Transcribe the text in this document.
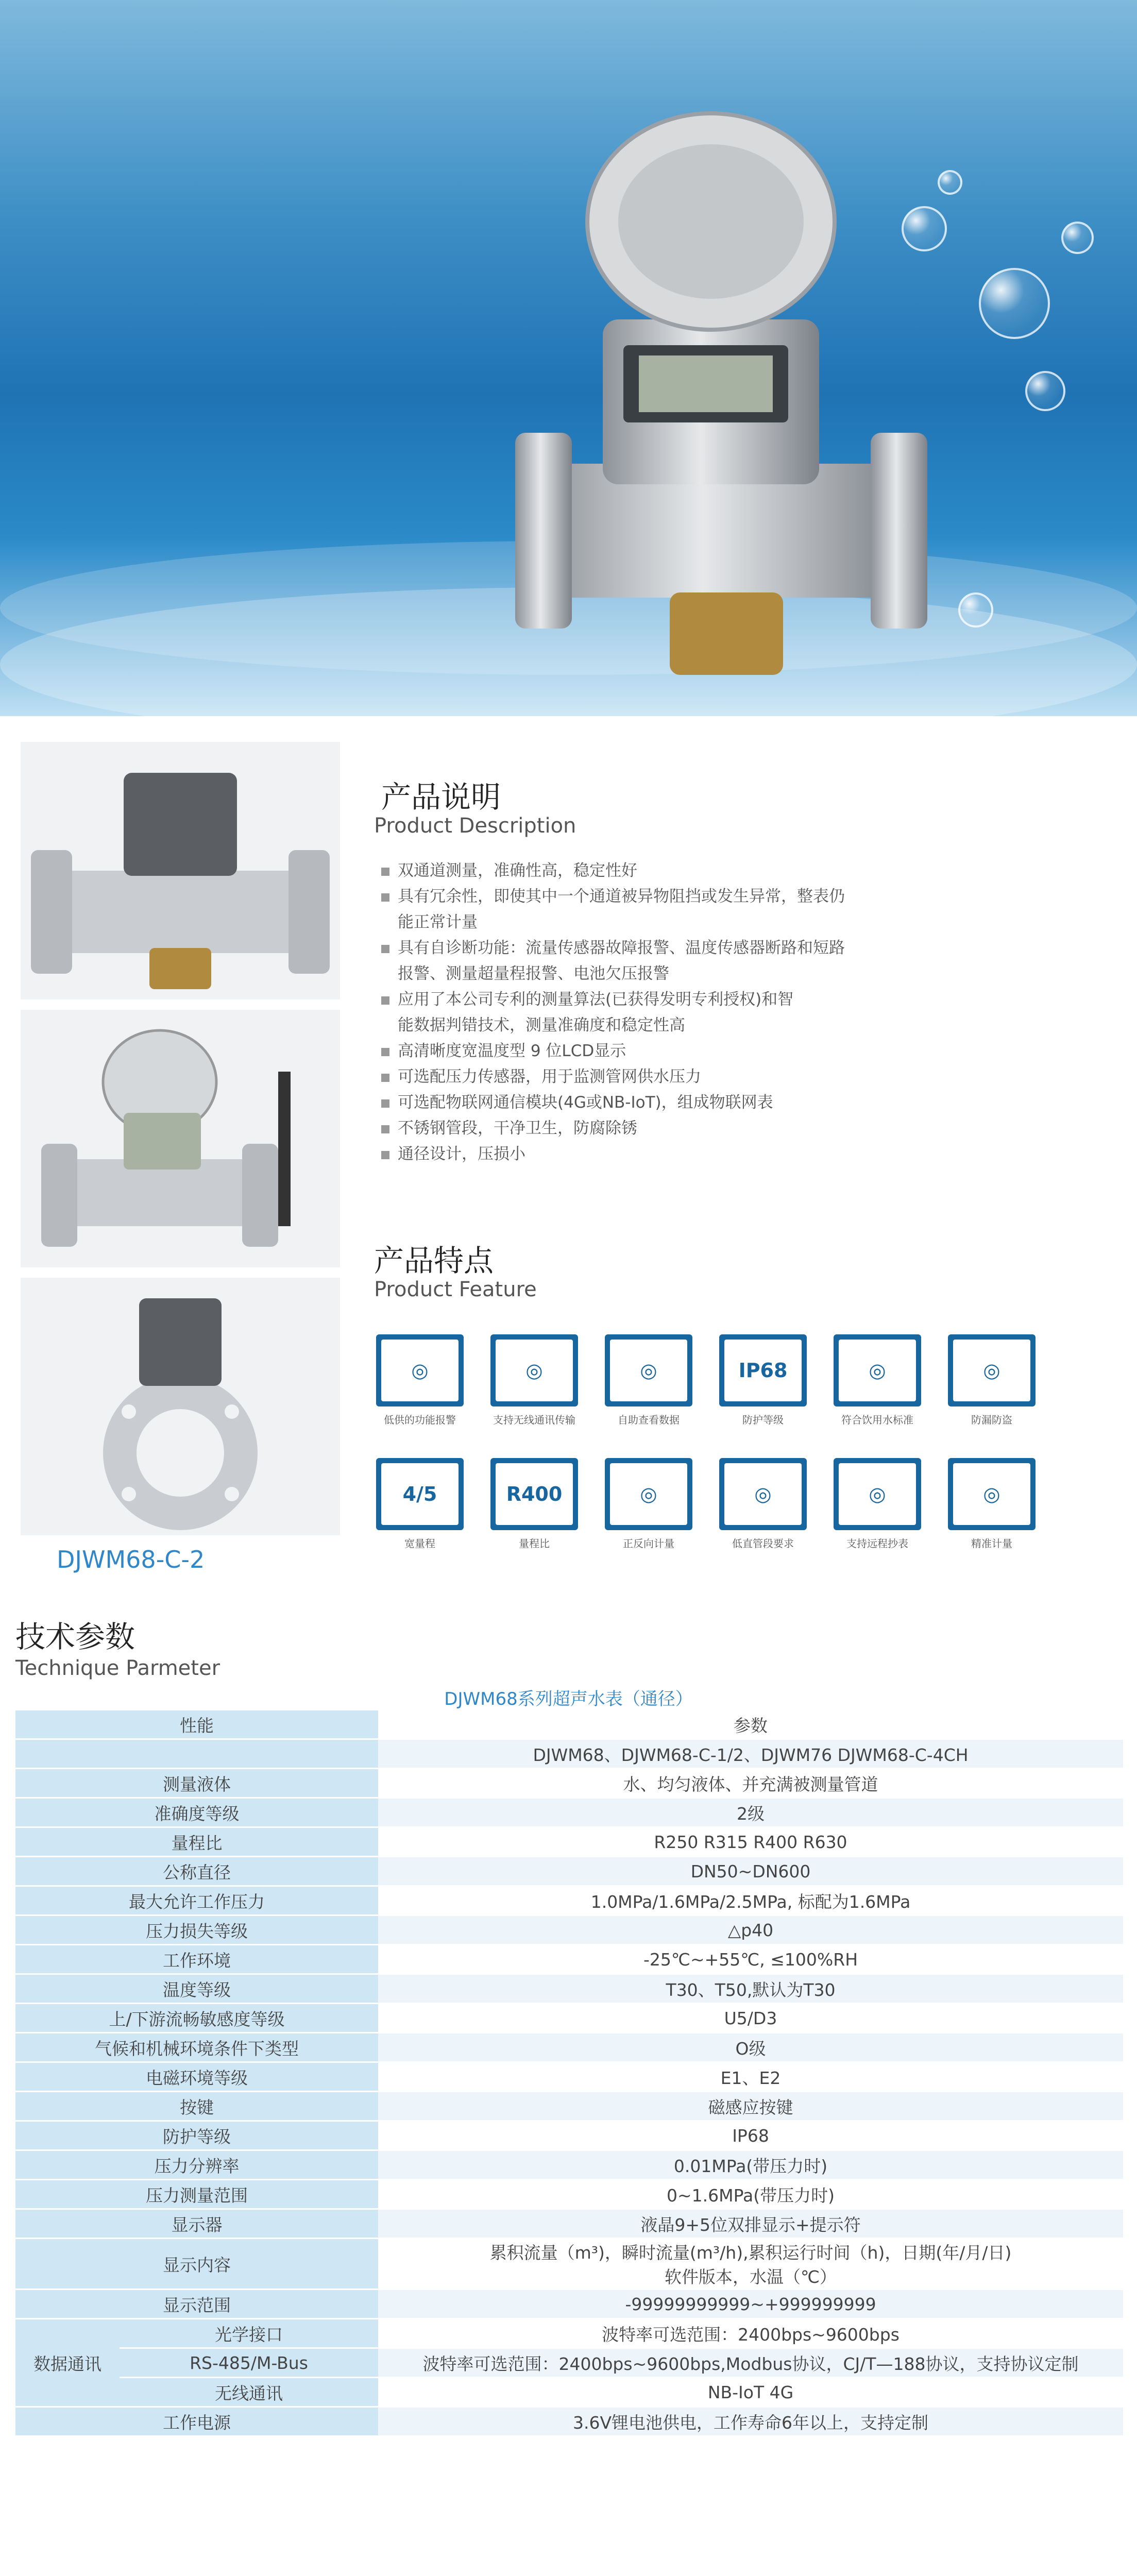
DJWM68-C-2
产品说明
Product Description
双通道测量，准确性高，稳定性好
具有冗余性，即使其中一个通道被异物阻挡或发生异常，整表仍
能正常计量
具有自诊断功能：流量传感器故障报警、温度传感器断路和短路
报警、测量超量程报警、电池欠压报警
应用了本公司专利的测量算法(已获得发明专利授权)和智
能数据判错技术，测量准确度和稳定性高
高清晰度宽温度型 9 位LCD显示
可选配压力传感器，用于监测管网供水压力
可选配物联网通信模块(4G或NB-IoT)，组成物联网表
不锈钢管段，干净卫生，防腐除锈
通径设计，压损小
产品特点
Product Feature
◎
低供的功能报警
◎
支持无线通讯传输
◎
自助查看数据
IP68
防护等级
◎
符合饮用水标准
◎
防漏防盗
4/5
宽量程
R400
量程比
◎
正反向计量
◎
低直管段要求
◎
支持远程抄表
◎
精准计量
技术参数
Technique Parmeter
DJWM68系列超声水表（通径）
性能		参数
		DJWM68、DJWM68-C-1/2、DJWM76 DJWM68-C-4CH
测量液体		水、均匀液体、并充满被测量管道
准确度等级		2级
量程比		R250 R315 R400 R630
公称直径		DN50~DN600
最大允许工作压力		1.0MPa/1.6MPa/2.5MPa, 标配为1.6MPa
压力损失等级		△p40
工作环境		-25℃~+55℃, ≤100%RH
温度等级		T30、T50,默认为T30
上/下游流畅敏感度等级		U5/D3
气候和机械环境条件下类型		O级
电磁环境等级		E1、E2
按键		磁感应按键
防护等级		IP68
压力分辨率		0.01MPa(带压力时)
压力测量范围		0~1.6MPa(带压力时)
显示器		液晶9+5位双排显示+提示符
显示内容		累积流量（m³)，瞬时流量(m³/h),累积运行时间（h)，日期(年/月/日)
软件版本，水温（℃）

显示范围		-99999999999~+999999999
数据通讯	光学接口	波特率可选范围：2400bps~9600bps
	RS-485/M-Bus	波特率可选范围：2400bps~9600bps,Modbus协议，CJ/T—188协议，支持协议定制
	无线通讯	NB-IoT 4G
工作电源		3.6V锂电池供电，工作寿命6年以上，支持定制
